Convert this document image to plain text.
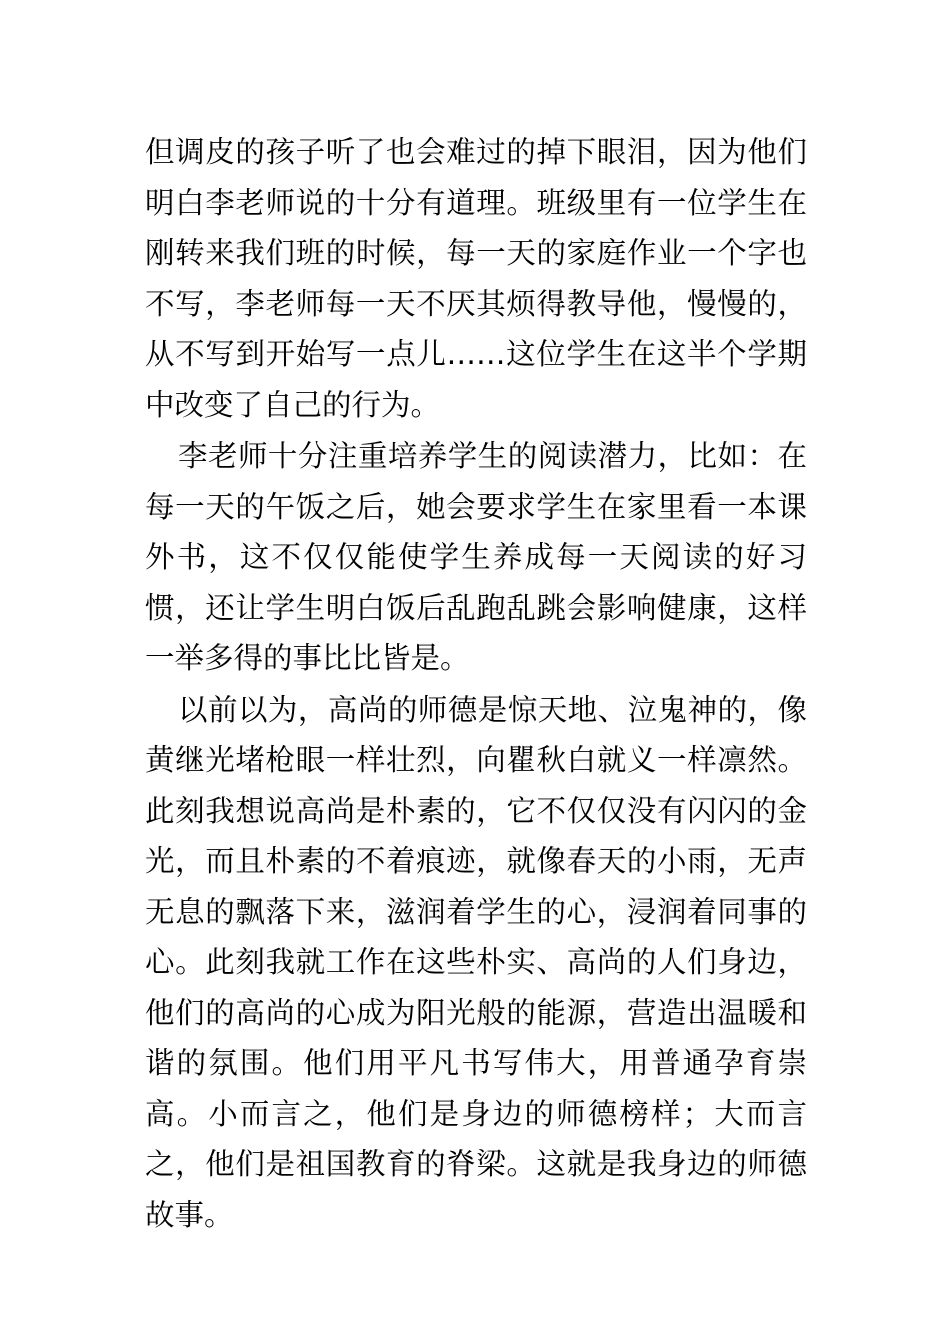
但调皮的孩子听了也会难过的掉下眼泪，因为他们明白李老师说的十分有道理。班级里有一位学生在刚转来我们班的时候，每一天的家庭作业一个字也不写，李老师每一天不厌其烦得教导他，慢慢的，从不写到开始写一点儿……这位学生在这半个学期中改变了自己的行为。

李老师十分注重培养学生的阅读潜力，比如：在每一天的午饭之后，她会要求学生在家里看一本课外书，这不仅仅能使学生养成每一天阅读的好习惯，还让学生明白饭后乱跑乱跳会影响健康，这样一举多得的事比比皆是。

以前以为，高尚的师德是惊天地、泣鬼神的，像黄继光堵枪眼一样壮烈，向瞿秋白就义一样凛然。此刻我想说高尚是朴素的，它不仅仅没有闪闪的金光，而且朴素的不着痕迹，就像春天的小雨，无声无息的飘落下来，滋润着学生的心，浸润着同事的心。此刻我就工作在这些朴实、高尚的人们身边，他们的高尚的心成为阳光般的能源，营造出温暖和谐的氛围。他们用平凡书写伟大，用普通孕育崇高。小而言之，他们是身边的师德榜样；大而言之，他们是祖国教育的脊梁。这就是我身边的师德故事。
